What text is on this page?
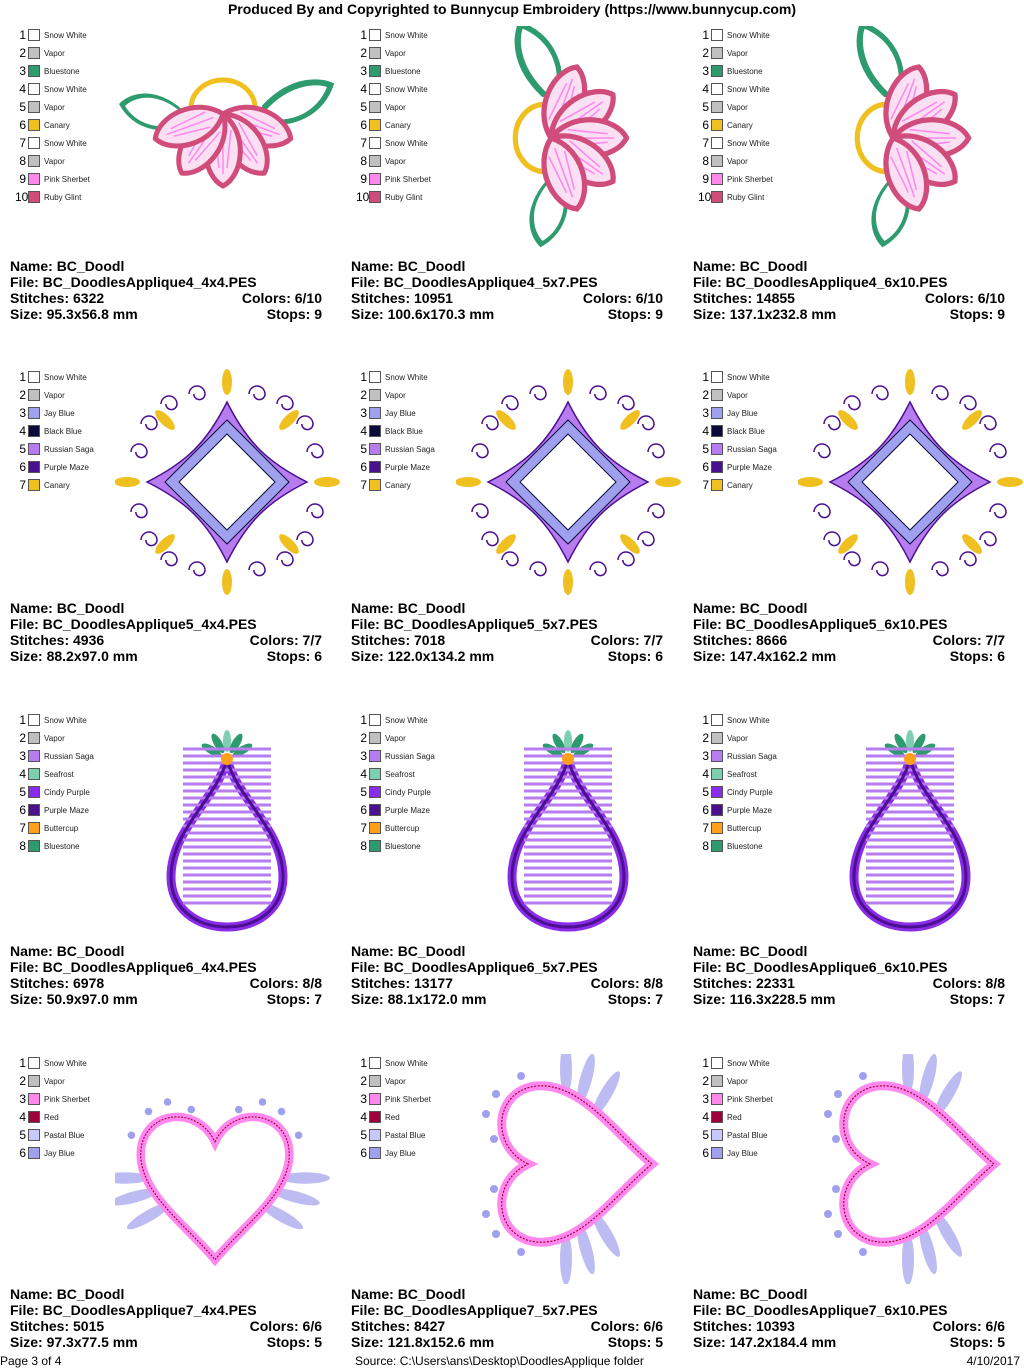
Produced By and Copyrighted to Bunnycup Embroidery (https://www.bunnycup.com)
1 Snow White
2 Vapor
3 Bluestone
4 Snow White
5 Vapor
6 Canary
7 Snow White
8 Vapor
9 Pink Sherbet
10 Ruby Glint
Name: BC_Doodl
File: BC_DoodlesApplique4_4x4.PES
Stitches: 6322	Colors: 6/10
Size: 95.3x56.8 mm	Stops: 9
1 Snow White
2 Vapor
3 Bluestone
4 Snow White
5 Vapor
6 Canary
7 Snow White
8 Vapor
9 Pink Sherbet
10 Ruby Glint
Name: BC_Doodl
File: BC_DoodlesApplique4_5x7.PES
Stitches: 10951	Colors: 6/10
Size: 100.6x170.3 mm	Stops: 9
1 Snow White
2 Vapor
3 Bluestone
4 Snow White
5 Vapor
6 Canary
7 Snow White
8 Vapor
9 Pink Sherbet
10 Ruby Glint
Name: BC_Doodl
File: BC_DoodlesApplique4_6x10.PES
Stitches: 14855	Colors: 6/10
Size: 137.1x232.8 mm	Stops: 9
1 Snow White
2 Vapor
3 Jay Blue
4 Black Blue
5 Russian Saga
6 Purple Maze
7 Canary
Name: BC_Doodl
File: BC_DoodlesApplique5_4x4.PES
Stitches: 4936	Colors: 7/7
Size: 88.2x97.0 mm	Stops: 6
1 Snow White
2 Vapor
3 Jay Blue
4 Black Blue
5 Russian Saga
6 Purple Maze
7 Canary
Name: BC_Doodl
File: BC_DoodlesApplique5_5x7.PES
Stitches: 7018	Colors: 7/7
Size: 122.0x134.2 mm	Stops: 6
1 Snow White
2 Vapor
3 Jay Blue
4 Black Blue
5 Russian Saga
6 Purple Maze
7 Canary
Name: BC_Doodl
File: BC_DoodlesApplique5_6x10.PES
Stitches: 8666	Colors: 7/7
Size: 147.4x162.2 mm	Stops: 6
1 Snow White
2 Vapor
3 Russian Saga
4 Seafrost
5 Cindy Purple
6 Purple Maze
7 Buttercup
8 Bluestone
Name: BC_Doodl
File: BC_DoodlesApplique6_4x4.PES
Stitches: 6978	Colors: 8/8
Size: 50.9x97.0 mm	Stops: 7
1 Snow White
2 Vapor
3 Russian Saga
4 Seafrost
5 Cindy Purple
6 Purple Maze
7 Buttercup
8 Bluestone
Name: BC_Doodl
File: BC_DoodlesApplique6_5x7.PES
Stitches: 13177	Colors: 8/8
Size: 88.1x172.0 mm	Stops: 7
1 Snow White
2 Vapor
3 Russian Saga
4 Seafrost
5 Cindy Purple
6 Purple Maze
7 Buttercup
8 Bluestone
Name: BC_Doodl
File: BC_DoodlesApplique6_6x10.PES
Stitches: 22331	Colors: 8/8
Size: 116.3x228.5 mm	Stops: 7
1 Snow White
2 Vapor
3 Pink Sherbet
4 Red
5 Pastal Blue
6 Jay Blue
Name: BC_Doodl
File: BC_DoodlesApplique7_4x4.PES
Stitches: 5015	Colors: 6/6
Size: 97.3x77.5 mm	Stops: 5
1 Snow White
2 Vapor
3 Pink Sherbet
4 Red
5 Pastal Blue
6 Jay Blue
Name: BC_Doodl
File: BC_DoodlesApplique7_5x7.PES
Stitches: 8427	Colors: 6/6
Size: 121.8x152.6 mm	Stops: 5
1 Snow White
2 Vapor
3 Pink Sherbet
4 Red
5 Pastal Blue
6 Jay Blue
Name: BC_Doodl
File: BC_DoodlesApplique7_6x10.PES
Stitches: 10393	Colors: 6/6
Size: 147.2x184.4 mm	Stops: 5
Page 3 of 4	Source: C:\Users\ans\Desktop\DoodlesApplique folder	4/10/2017
